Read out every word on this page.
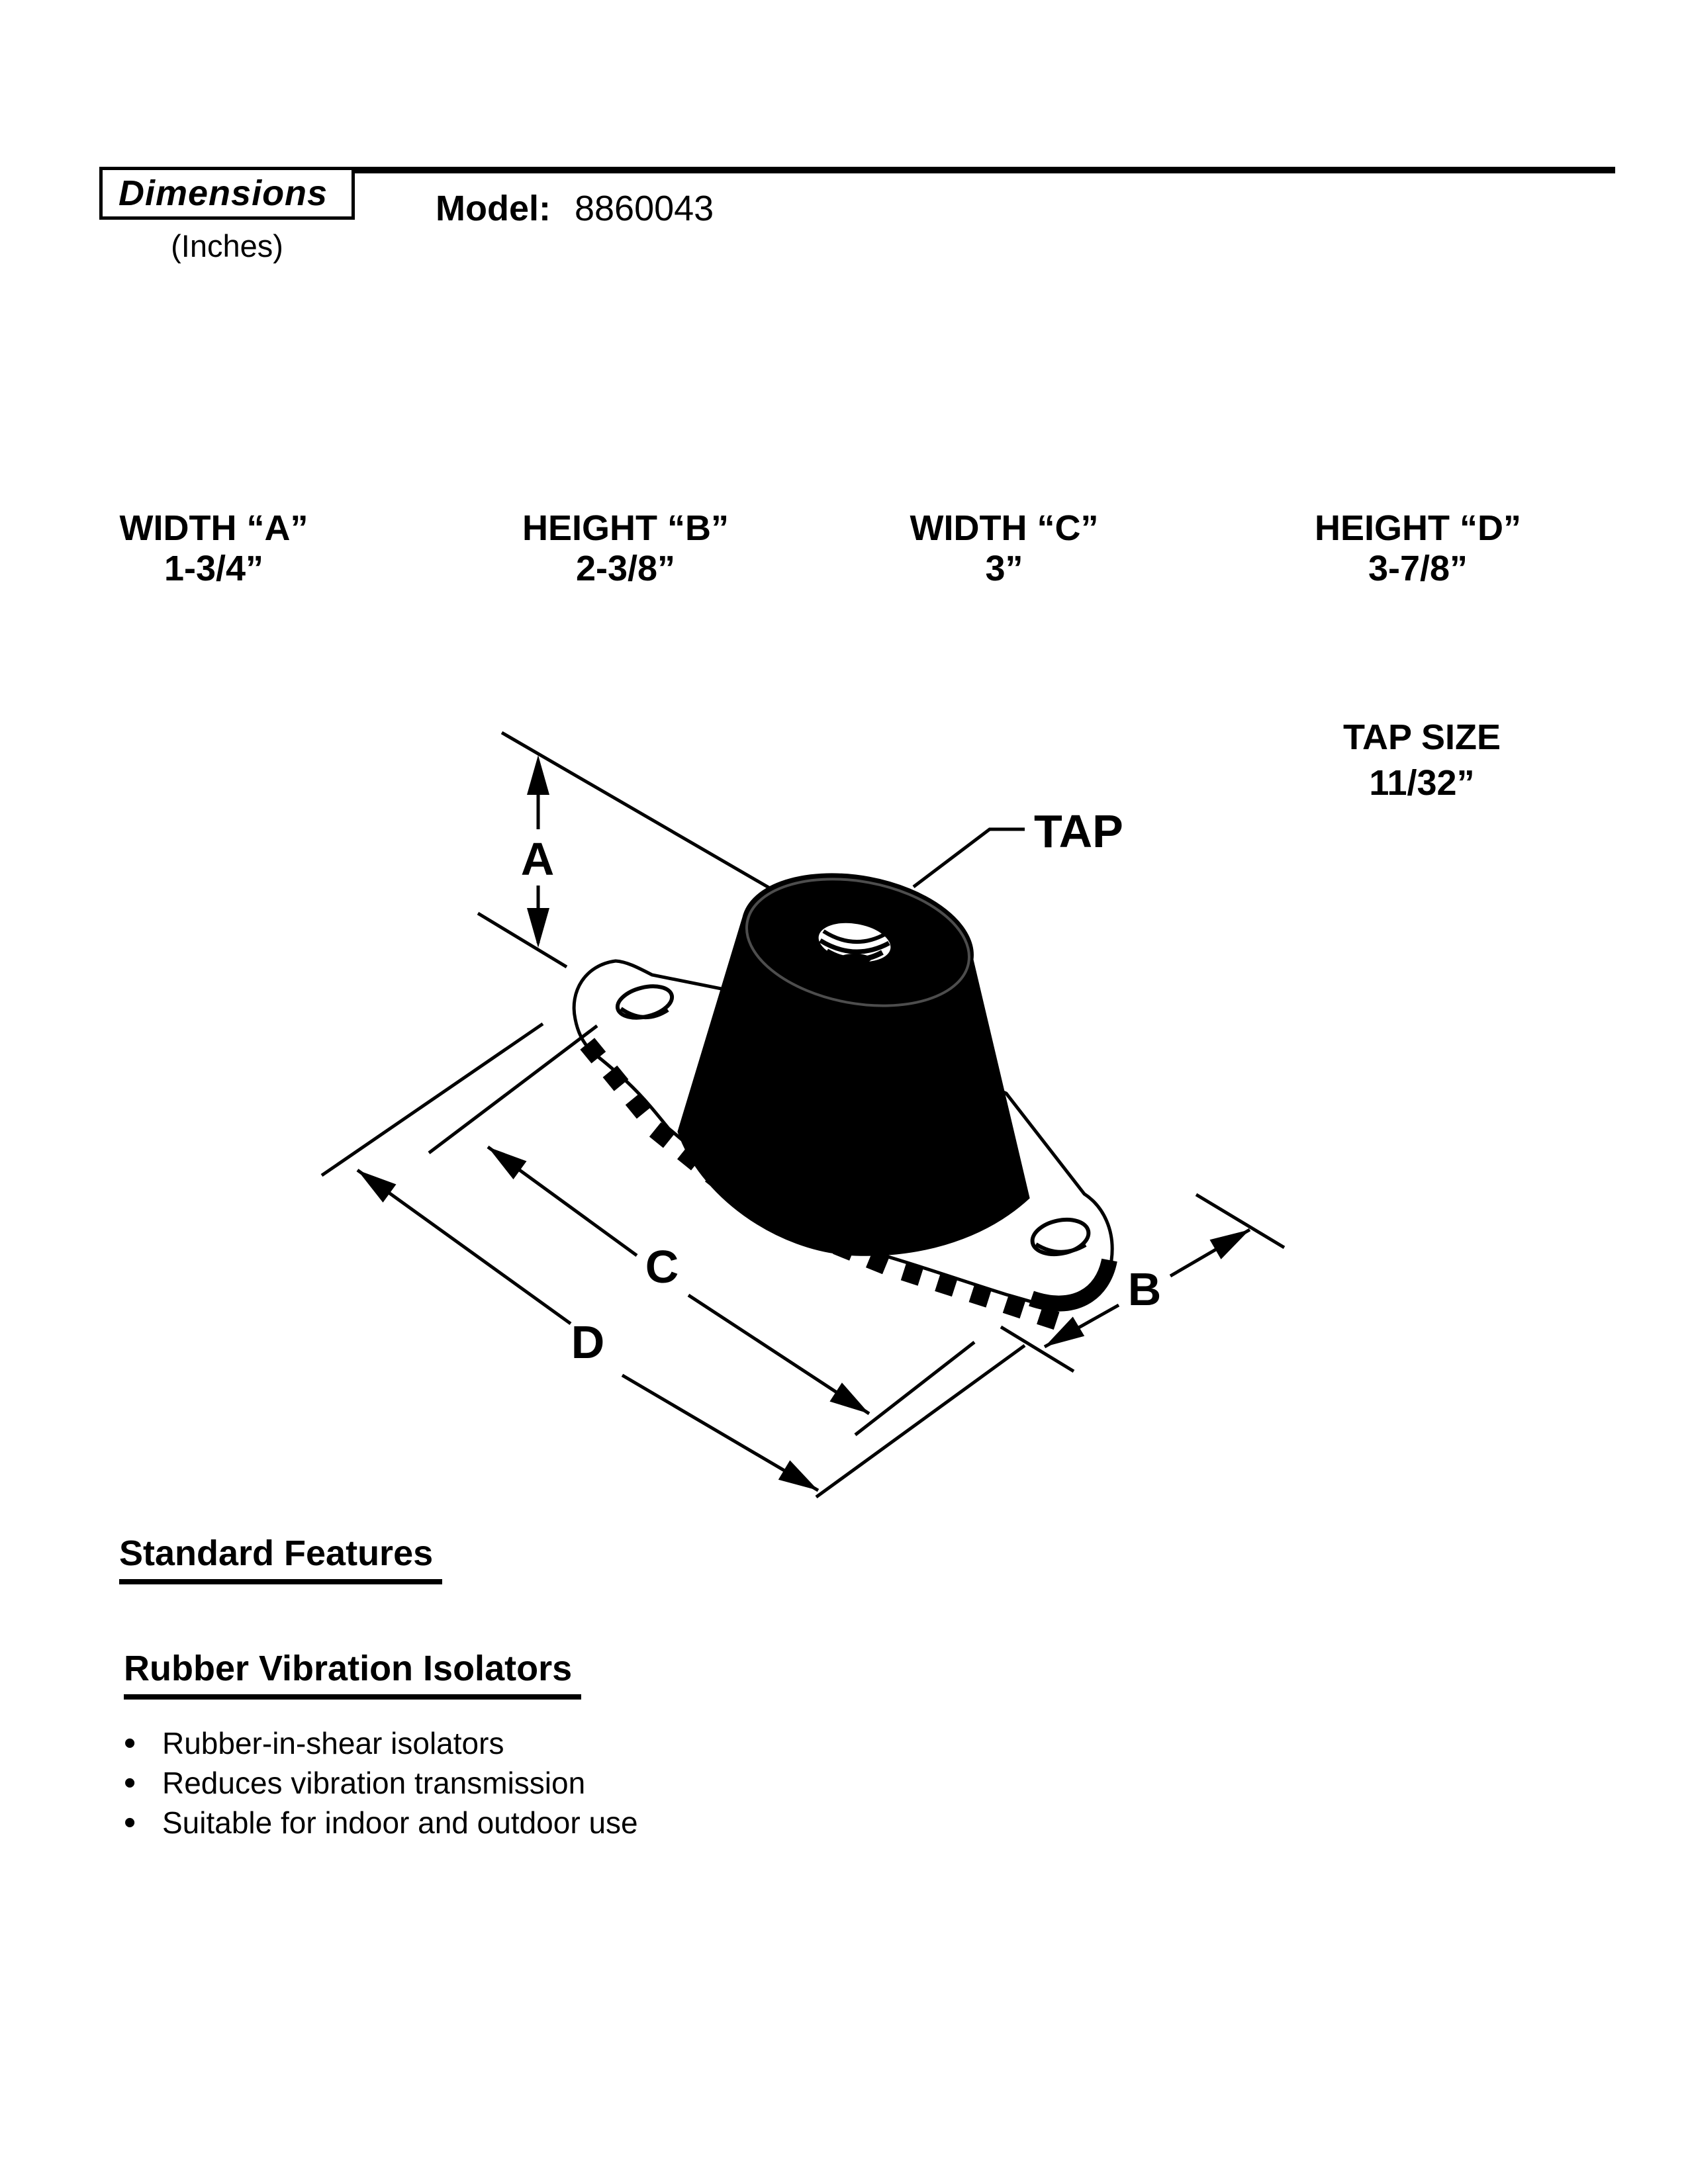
Dimensions
(Inches)
Model: 8860043
WIDTH “A”
1-3/4”
HEIGHT “B”
2-3/8”
WIDTH “C”
3”
HEIGHT “D”
3-7/8”
TAP SIZE
11/32”
A
TAP
C
D
B
Standard Features
Rubber Vibration Isolators
• Rubber-in-shear isolators
• Reduces vibration transmission
• Suitable for indoor and outdoor use
